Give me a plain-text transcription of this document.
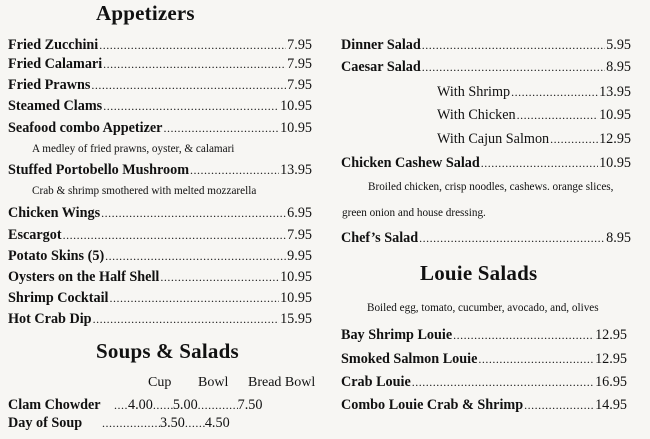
Appetizers
Fried Zucchini .....	7.95
Fried Calamari .....	7.95
Fried Prawns .....	7.95
Steamed Clams .....	10.95
Seafood combo Appetizer .....	10.95
A medley of fried prawns, oyster, & calamari
Stuffed Portobello Mushroom .....	13.95
Crab & shrimp smothered with melted mozzarella
Chicken Wings .....	6.95
Escargot .....	7.95
Potato Skins (5) .....	9.95
Oysters on the Half Shell .....	10.95
Shrimp Cocktail .....	10.95
Hot Crab Dip .....	15.95
Soups & Salads
Cup Bowl Bread Bowl
Clam Chowder .....	4.00 ..... 5.00 .....	7.50
Day of Soup .....	3.50 ..... 4.50
Dinner Salad .....	5.95
Caesar Salad .....	8.95
With Shrimp .....	13.95
With Chicken .....	10.95
With Cajun Salmon .....	12.95
Chicken Cashew Salad .....	10.95
Broiled chicken, crisp noodles, cashews. orange slices,
green onion and house dressing.
Chef’s Salad .....	8.95
Louie Salads
Boiled egg, tomato, cucumber, avocado, and, olives
Bay Shrimp Louie .....	12.95
Smoked Salmon Louie .....	12.95
Crab Louie .....	16.95
Combo Louie Crab & Shrimp .....	14.95
